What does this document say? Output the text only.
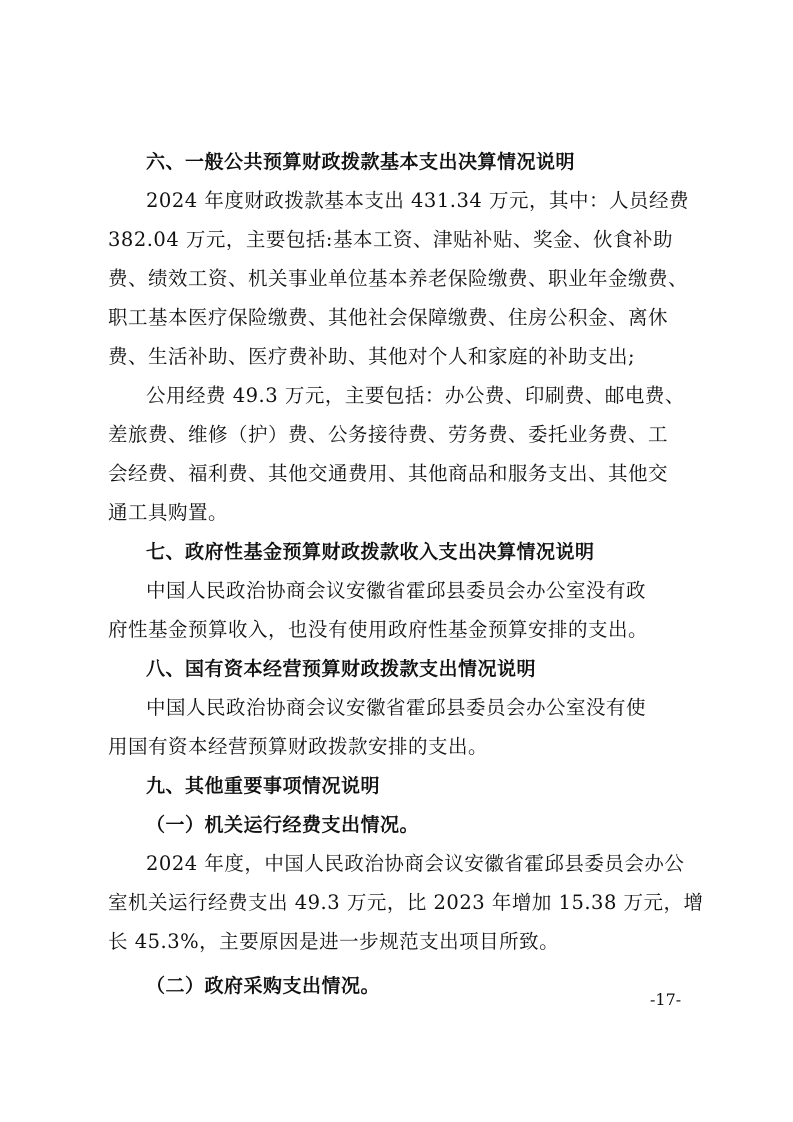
六、一般公共预算财政拨款基本支出决算情况说明
2024 年度财政拨款基本支出 431.34 万元，其中：人员经费
382.04 万元，主要包括:基本工资、津贴补贴、奖金、伙食补助
费、绩效工资、机关事业单位基本养老保险缴费、职业年金缴费、
职工基本医疗保险缴费、其他社会保障缴费、住房公积金、离休
费、生活补助、医疗费补助、其他对个人和家庭的补助支出;
公用经费 49.3 万元，主要包括：办公费、印刷费、邮电费、
差旅费、维修（护）费、公务接待费、劳务费、委托业务费、工
会经费、福利费、其他交通费用、其他商品和服务支出、其他交
通工具购置。
七、政府性基金预算财政拨款收入支出决算情况说明
中国人民政治协商会议安徽省霍邱县委员会办公室没有政
府性基金预算收入，也没有使用政府性基金预算安排的支出。
八、国有资本经营预算财政拨款支出情况说明
中国人民政治协商会议安徽省霍邱县委员会办公室没有使
用国有资本经营预算财政拨款安排的支出。
九、其他重要事项情况说明
（一）机关运行经费支出情况。
2024 年度，中国人民政治协商会议安徽省霍邱县委员会办公
室机关运行经费支出 49.3 万元，比 2023 年增加 15.38 万元，增
长 45.3%，主要原因是进一步规范支出项目所致。
（二）政府采购支出情况。
-17-
